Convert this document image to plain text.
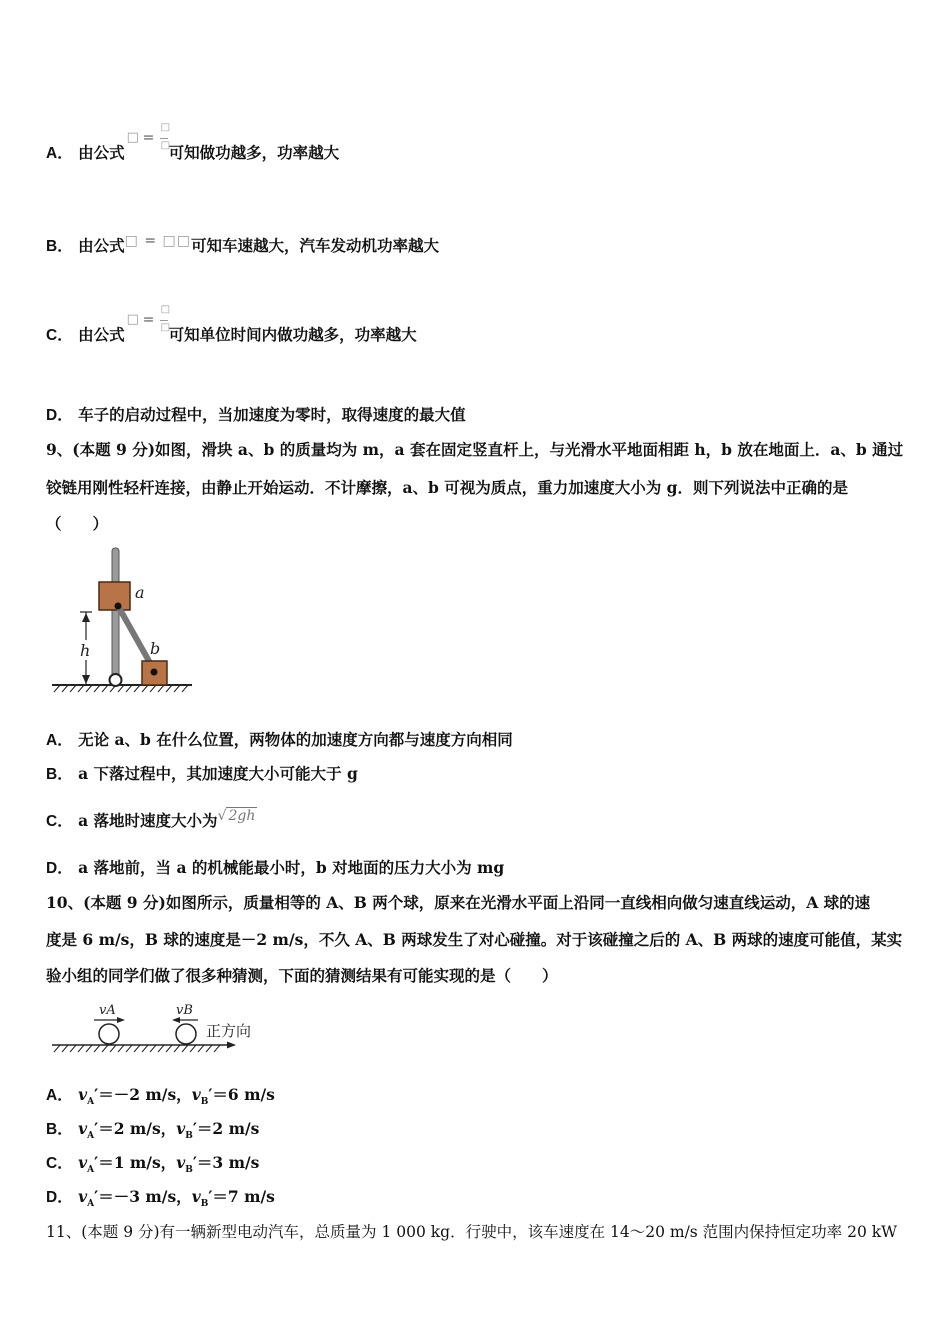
A． 由公式
□ =
□
□
可知做功越多，功率越大
B． 由公式□ = □□可知车速越大，汽车发动机功率越大
C． 由公式
□ =
□
□
可知单位时间内做功越多，功率越大
D． 车子的启动过程中，当加速度为零时，取得速度的最大值
9、(本题 9 分)如图，滑块 a、b 的质量均为 m，a 套在固定竖直杆上，与光滑水平地面相距 h，b 放在地面上．a、b 通过
铰链用刚性轻杆连接，由静止开始运动．不计摩擦，a、b 可视为质点，重力加速度大小为 g．则下列说法中正确的是
（　　）
a
b
h
A． 无论 a、b 在什么位置，两物体的加速度方向都与速度方向相同
B． a 下落过程中，其加速度大小可能大于 g
C． a 落地时速度大小为√ 2gh
D． a 落地前，当 a 的机械能最小时，b 对地面的压力大小为 mg
10、(本题 9 分)如图所示，质量相等的 A、B 两个球，原来在光滑水平面上沿同一直线相向做匀速直线运动，A 球的速
度是 6 m/s，B 球的速度是－2 m/s，不久 A、B 两球发生了对心碰撞。对于该碰撞之后的 A、B 两球的速度可能值，某实
验小组的同学们做了很多种猜测，下面的猜测结果有可能实现的是（　　）
vA	vB
正方向
A． $v_A'=-2$ m/s，$v_B'=6$ m/s
B． $v_A'=2$ m/s，$v_B'=2$ m/s
C． $v_A'=1$ m/s，$v_B'=3$ m/s
D． $v_A'=-3$ m/s，$v_B'=7$ m/s
11、(本题 9 分)有一辆新型电动汽车，总质量为 1 000 kg．行驶中，该车速度在 14～20 m/s 范围内保持恒定功率 20 kW
